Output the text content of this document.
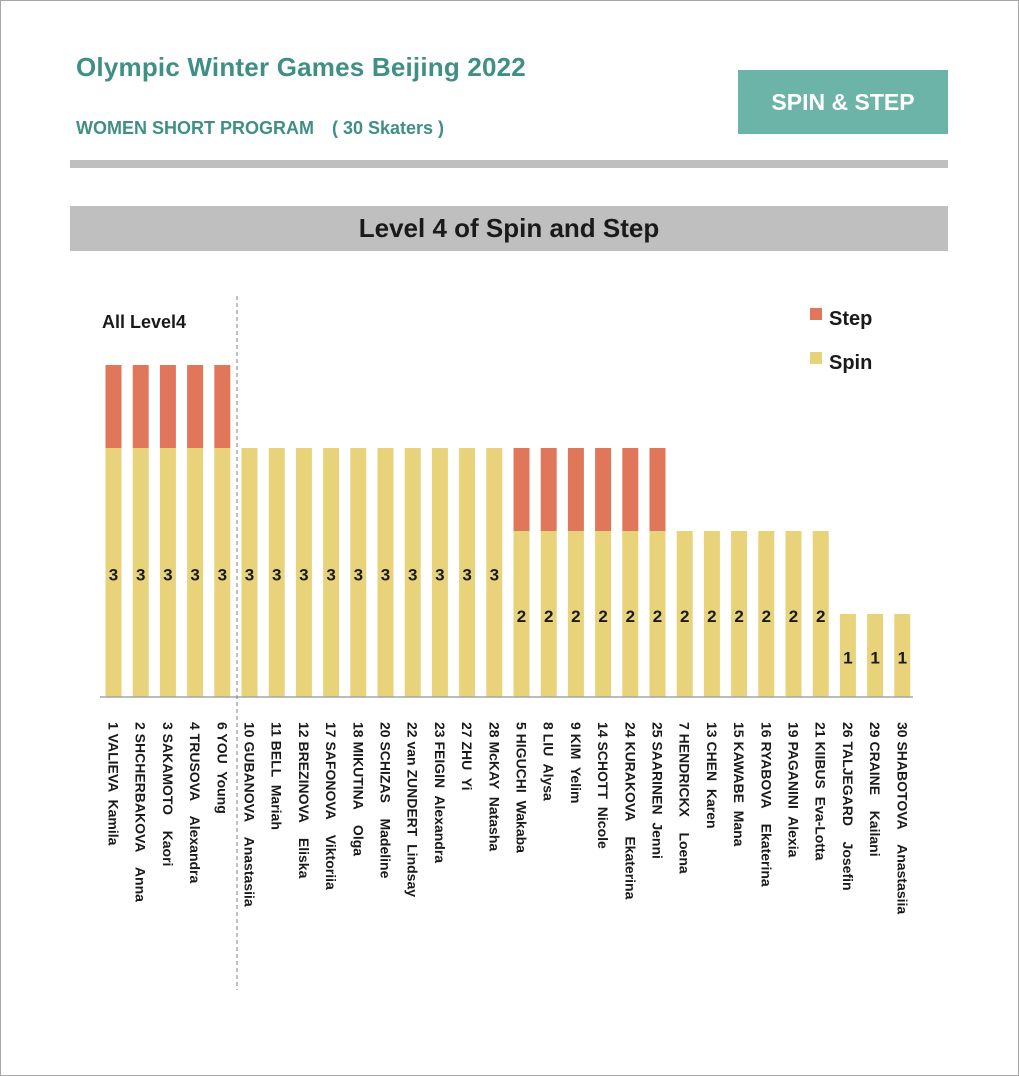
Olympic Winter Games Beijing 2022
WOMEN SHORT PROGRAM　( 30 Skaters )
SPIN & STEP
Level 4 of Spin and Step
3
1 VALIEVA  Kamila
3
2 SHCHERBAKOVA    Anna
3
3 SAKAMOTO    Kaori
3
4 TRUSOVA    Alexandra
3
6 YOU  Young
3
10 GUBANOVA    Anastasiia
3
11 BELL  Mariah
3
12 BREZINOVA    Eliska
3
17 SAFONOVA    Viktoriia
3
18 MIKUTINA    Olga
3
20 SCHIZAS    Madeline
3
22 van ZUNDERT  Lindsay
3
23 FEIGIN  Alexandra
3
27 ZHU  Yi
3
28 McKAY  Natasha
2
5 HIGUCHI  Wakaba
2
8 LIU  Alysa
2
9 KIM  Yelim
2
14 SCHOTT  Nicole
2
24 KURAKOVA    Ekaterina
2
25 SAARINEN  Jenni
2
7 HENDRICKX    Loena
2
13 CHEN  Karen
2
15 KAWABE  Mana
2
16 RYABOVA    Ekaterina
2
19 PAGANINI  Alexia
2
21 KIIBUS  Eva-Lotta
1
26 TALJEGARD    Josefin
1
29 CRAINE    Kailani
1
30 SHABOTOVA    Anastasiia
All Level4	Step
Spin
